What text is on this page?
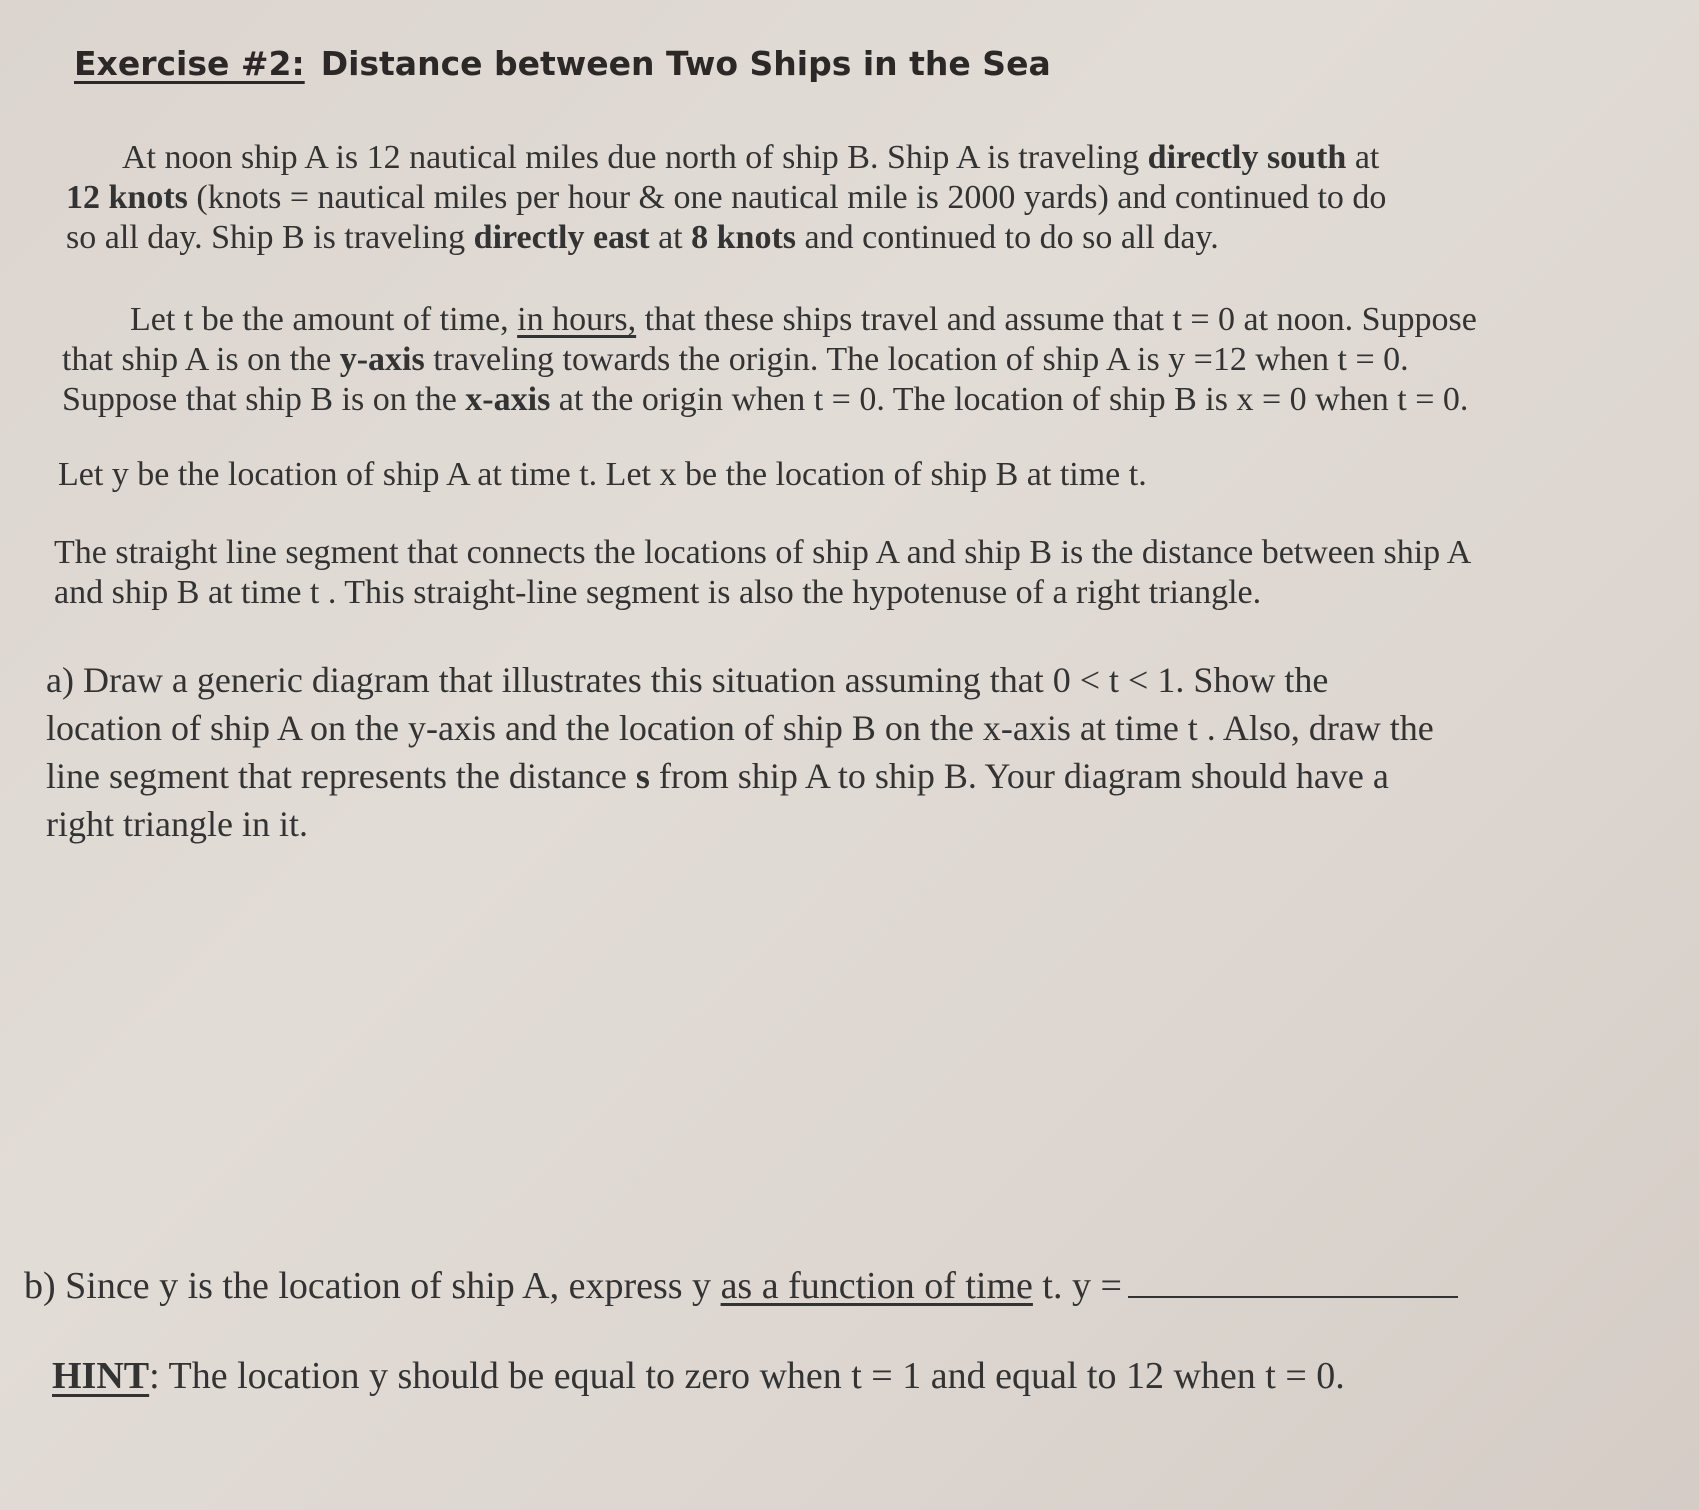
Exercise #2: Distance between Two Ships in the Sea
At noon ship A is 12 nautical miles due north of ship B. Ship A is traveling directly south at
12 knots (knots = nautical miles per hour & one nautical mile is 2000 yards) and continued to do
so all day. Ship B is traveling directly east at 8 knots and continued to do so all day.
Let t be the amount of time, in hours, that these ships travel and assume that t = 0 at noon. Suppose
that ship A is on the y-axis traveling towards the origin. The location of ship A is y =12 when t = 0.
Suppose that ship B is on the x-axis at the origin when t = 0. The location of ship B is x = 0 when t = 0.
Let y be the location of ship A at time t. Let x be the location of ship B at time t.
The straight line segment that connects the locations of ship A and ship B is the distance between ship A
and ship B at time t . This straight-line segment is also the hypotenuse of a right triangle.
a) Draw a generic diagram that illustrates this situation assuming that 0 < t < 1. Show the
location of ship A on the y-axis and the location of ship B on the x-axis at time t . Also, draw the
line segment that represents the distance s from ship A to ship B. Your diagram should have a
right triangle in it.
b) Since y is the location of ship A, express y as a function of time t. y =
HINT: The location y should be equal to zero when t = 1 and equal to 12 when t = 0.
